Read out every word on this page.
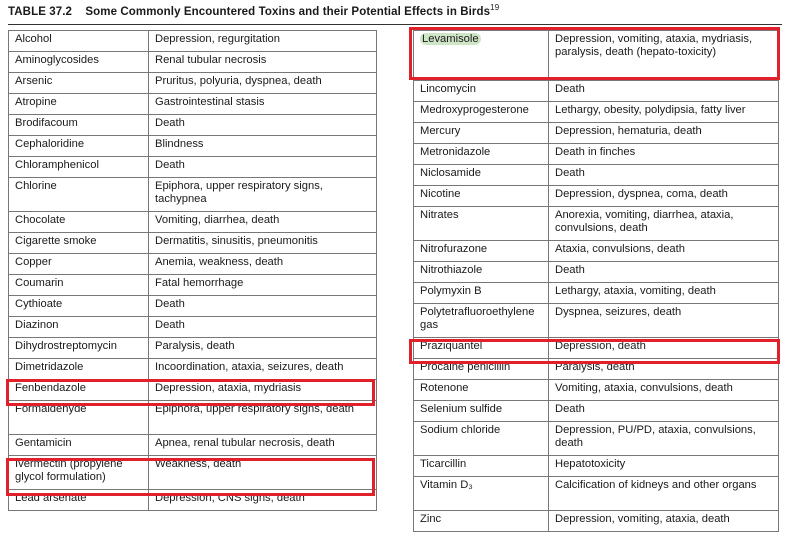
TABLE 37.2 Some Commonly Encountered Toxins and their Potential Effects in Birds$^{19}$
Alcohol	Depression, regurgitation
Aminoglycosides	Renal tubular necrosis
Arsenic	Pruritus, polyuria, dyspnea, death
Atropine	Gastrointestinal stasis
Brodifacoum	Death
Cephaloridine	Blindness
Chloramphenicol	Death
Chlorine	Epiphora, upper respiratory signs, tachypnea
Chocolate	Vomiting, diarrhea, death
Cigarette smoke	Dermatitis, sinusitis, pneumonitis
Copper	Anemia, weakness, death
Coumarin	Fatal hemorrhage
Cythioate	Death
Diazinon	Death
Dihydrostreptomycin	Paralysis, death
Dimetridazole	Incoordination, ataxia, seizures, death
Fenbendazole	Depression, ataxia, mydriasis
Formaldehyde	Epiphora, upper respiratory signs, death
Gentamicin	Apnea, renal tubular necrosis, death
Ivermectin (propylene glycol formulation)	Weakness, death
Lead arsenate	Depression, CNS signs, death
Levamisole	Depression, vomiting, ataxia, mydriasis, paralysis, death (hepato-toxicity)
Lincomycin	Death
Medroxyprogesterone	Lethargy, obesity, polydipsia, fatty liver
Mercury	Depression, hematuria, death
Metronidazole	Death in finches
Niclosamide	Death
Nicotine	Depression, dyspnea, coma, death
Nitrates	Anorexia, vomiting, diarrhea, ataxia, convulsions, death
Nitrofurazone	Ataxia, convulsions, death
Nitrothiazole	Death
Polymyxin B	Lethargy, ataxia, vomiting, death
Polytetrafluoroethylene gas	Dyspnea, seizures, death
Praziquantel	Depression, death
Procaine penicillin	Paralysis, death
Rotenone	Vomiting, ataxia, convulsions, death
Selenium sulfide	Death
Sodium chloride	Depression, PU/PD, ataxia, convulsions, death
Ticarcillin	Hepatotoxicity
Vitamin D₃	Calcification of kidneys and other organs
Zinc	Depression, vomiting, ataxia, death
